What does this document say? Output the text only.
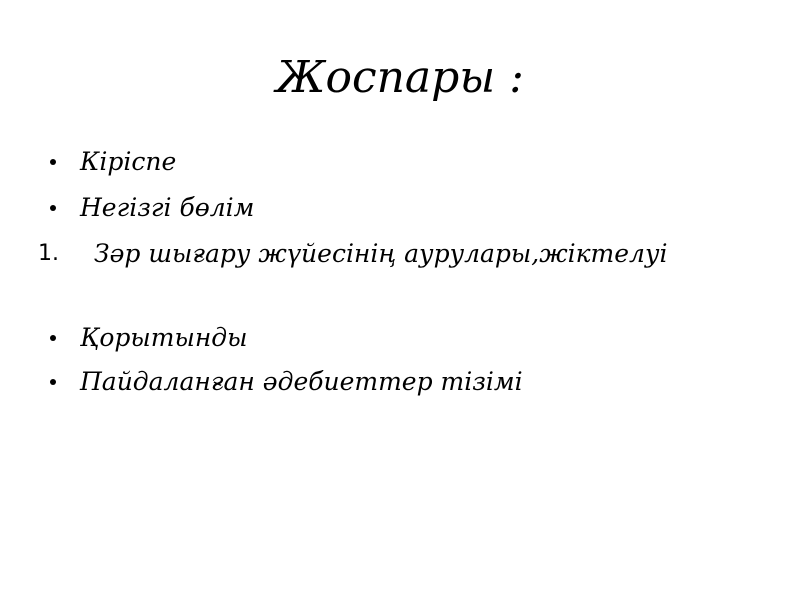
Жоспары :
Кіріспе
Негізгі бөлім
1. Зәр шығару жүйесінің аурулары,жіктелуі
Қорытынды
Пайдаланған әдебиеттер тізімі
